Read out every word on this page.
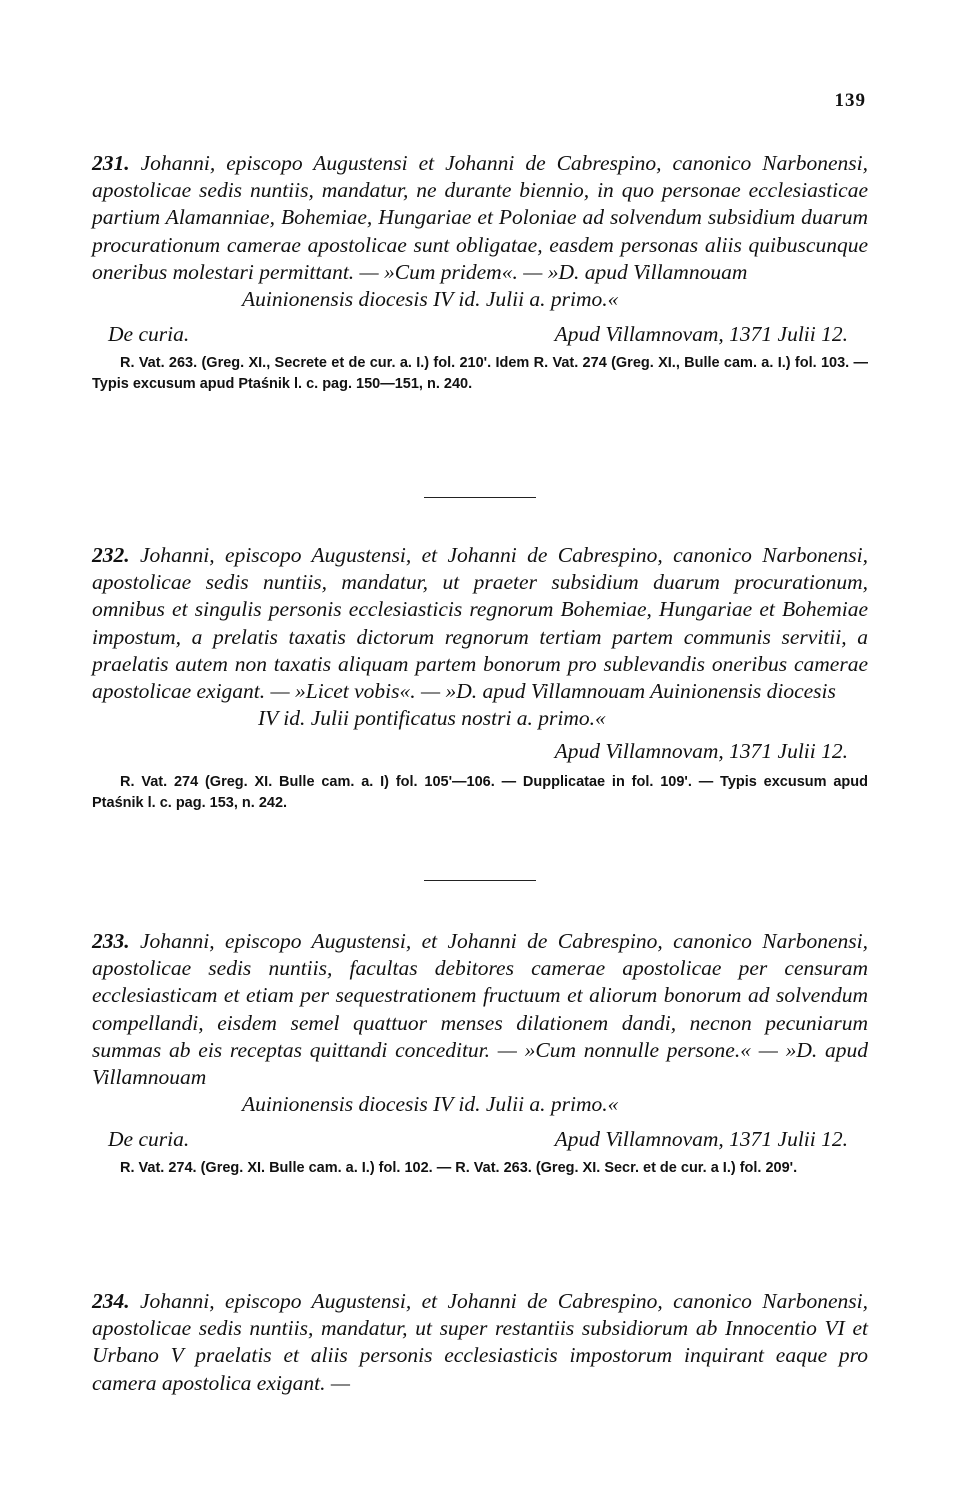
139

231. Johanni, episcopo Augustensi et Johanni de Cabrespino, canonico Narbonensi, apostolicae sedis nuntiis, mandatur, ne durante biennio, in quo personae ecclesiasticae partium Alamanniae, Bohemiae, Hungariae et Poloniae ad solvendum subsidium duarum procurationum camerae apostolicae sunt obligatae, easdem personas aliis quibuscunque oneribus molestari permittant. — »Cum pridem«. — »D. apud Villamnouam

Auinionensis diocesis IV id. Julii a. primo.«
De curia.	Apud Villamnovam, 1371 Julii 12.

R. Vat. 263. (Greg. XI., Secrete et de cur. a. I.) fol. 210'. Idem R. Vat. 274 (Greg. XI., Bulle cam. a. I.) fol. 103. — Typis excusum apud Ptaśnik l. c. pag. 150—151, n. 240.

232. Johanni, episcopo Augustensi, et Johanni de Cabrespino, canonico Narbonensi, apostolicae sedis nuntiis, mandatur, ut praeter subsidium duarum procurationum, omnibus et singulis personis ecclesiasticis regnorum Bohemiae, Hungariae et Bohemiae impostum, a prelatis taxatis dictorum regnorum tertiam partem communis servitii, a praelatis autem non taxatis aliquam partem bonorum pro sublevandis oneribus camerae apostolicae exigant. — »Licet vobis«. — »D. apud Villamnouam Auinionensis diocesis

IV id. Julii pontificatus nostri a. primo.«
Apud Villamnovam, 1371 Julii 12.

R. Vat. 274 (Greg. XI. Bulle cam. a. I) fol. 105'—106. — Dupplicatae in fol. 109'. — Typis excusum apud Ptaśnik l. c. pag. 153, n. 242.

233. Johanni, episcopo Augustensi, et Johanni de Cabrespino, canonico Narbonensi, apostolicae sedis nuntiis, facultas debitores camerae apostolicae per censuram ecclesiasticam et etiam per sequestrationem fructuum et aliorum bonorum ad solvendum compellandi, eisdem semel quattuor menses dilationem dandi, necnon pecuniarum summas ab eis receptas quittandi conceditur. — »Cum nonnulle persone.« — »D. apud Villamnouam

Auinionensis diocesis IV id. Julii a. primo.«
De curia.	Apud Villamnovam, 1371 Julii 12.

R. Vat. 274. (Greg. XI. Bulle cam. a. I.) fol. 102. — R. Vat. 263. (Greg. XI. Secr. et de cur. a I.) fol. 209'.

234. Johanni, episcopo Augustensi, et Johanni de Cabrespino, canonico Narbonensi, apostolicae sedis nuntiis, mandatur, ut super restantiis subsidiorum ab Innocentio VI et Urbano V praelatis et aliis personis ecclesiasticis impostorum inquirant eaque pro camera apostolica exigant. —
